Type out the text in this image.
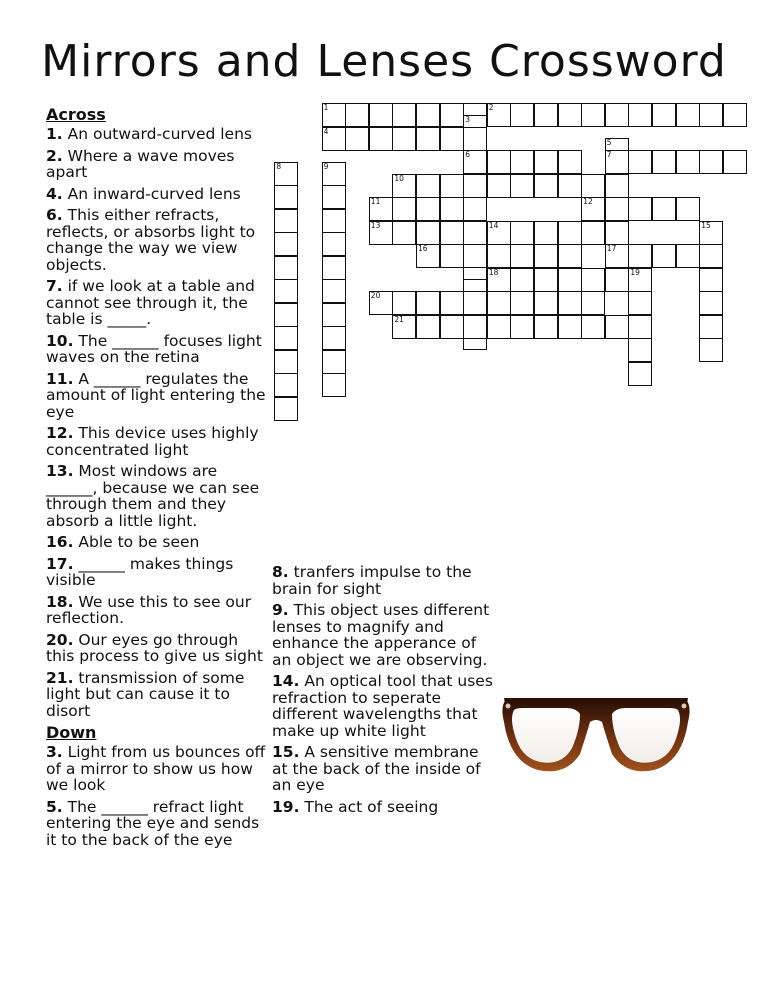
Mirrors and Lenses Crossword
Across
1. An outward-curved lens
2. Where a wave moves apart
4. An inward-curved lens
6. This either refracts, reflects, or absorbs light to change the way we view objects.
7. if we look at a table and cannot see through it, the table is _____.
10. The ______ focuses light waves on the retina
11. A ______ regulates the amount of light entering the eye
12. This device uses highly concentrated light
13. Most windows are ______, because we can see through them and they absorb a little light.
16. Able to be seen
17. ______ makes things visible
18. We use this to see our reflection.
20. Our eyes go through this process to give us sight
21. transmission of some light but can cause it to disort
Down
3. Light from us bounces off of a mirror to show us how we look
5. The ______ refract light entering the eye and sends it to the back of the eye
8. tranfers impulse to the brain for sight
9. This object uses different lenses to magnify and enhance the apperance of an object we are observing.
14. An optical tool that uses refraction to seperate different wavelengths that make up white light
15. A sensitive membrane at the back of the inside of an eye
19. The act of seeing
1	2
3
4
5
6	7
8	9
10
11	12
13	14
18
15
16	17
19
20
21
